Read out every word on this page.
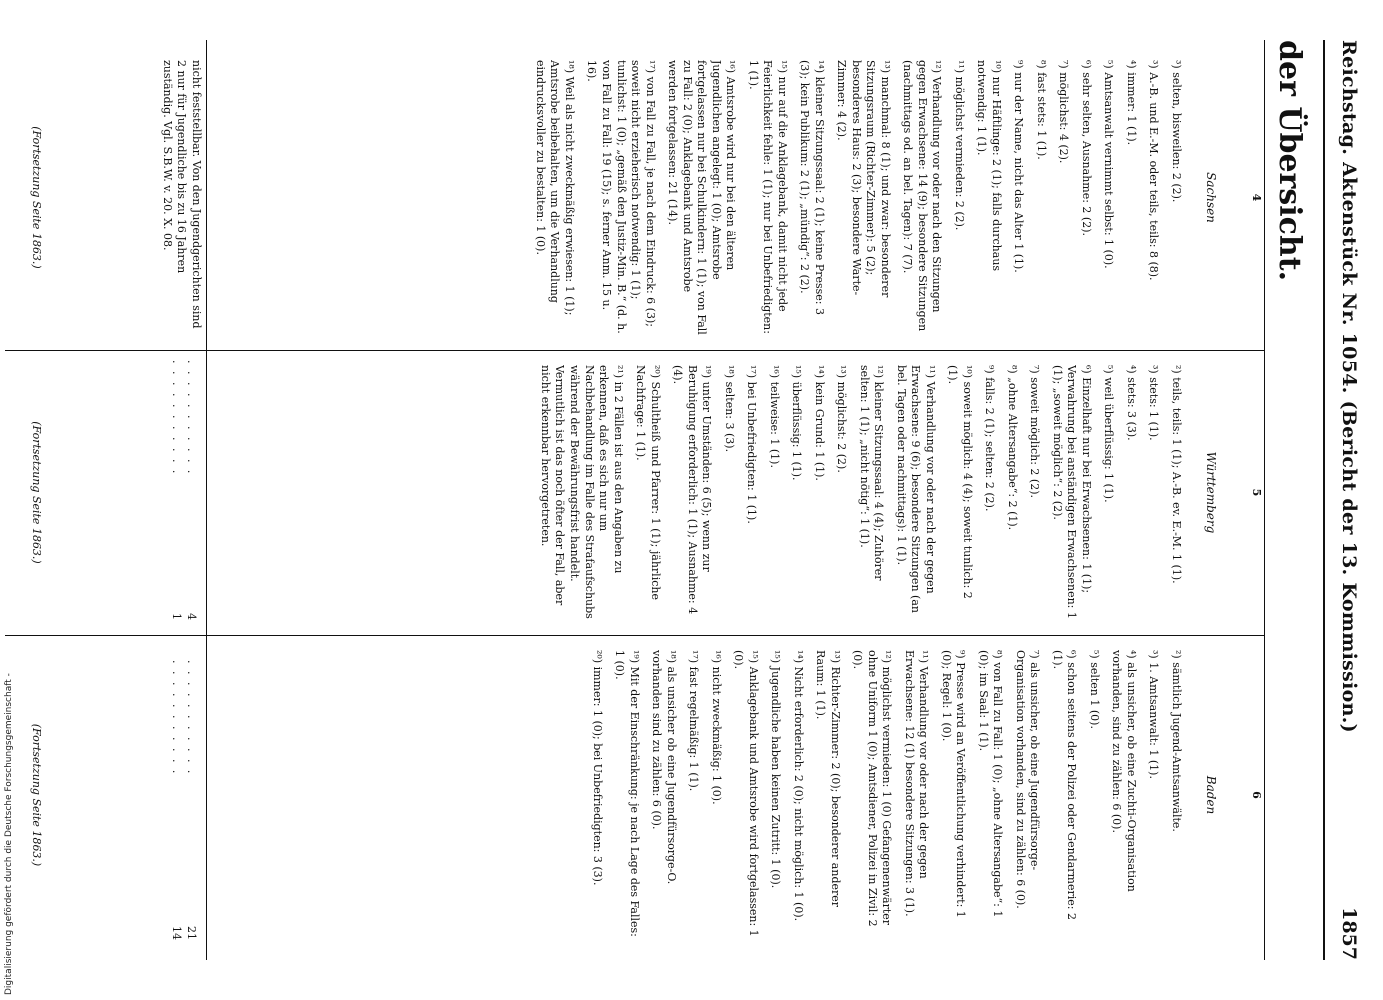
Reichstag. Aktenstück Nr. 1054. (Bericht der 13. Kommission.)
1857
der Übersicht.
4
Sachsen
nicht feststellbar. Von den Jugendgerichten sind 2 nur für Jugendliche bis zu 16 Jahren zuständig. Vgl. S.B.W. v. 20. X. 08.
. . . . . . . . . . .
4
. . . . . . . . . . .
1
. . . . . . . . . . .
21
. . . . . . . . . . .
14

³) selten, bisweilen: 2 (2).

³) A.-B. und E.-M. oder teils, teils: 8 (8).

⁴) immer: 1 (1).

⁵) Amtsanwalt vernimmt selbst: 1 (0).

⁶) sehr selten, Ausnahme: 2 (2).

⁷) möglichst: 4 (2).

⁸) fast stets: 1 (1).

⁹) nur der Name, nicht das Alter 1 (1).

¹⁰) nur Häftlinge: 2 (1); falls durchaus notwendig: 1 (1).

¹¹) möglichst vermieden: 2 (2).

¹²) Verhandlung vor oder nach den Sitzungen gegen Erwachsene: 14 (9); besondere Sitzungen (nachmittags od. an bel. Tagen): 7 (7).

¹³) manchmal: 8 (1); und zwar: besonderer Sitzungsraum (Richter-Zimmer): 5 (2); besonderes Haus: 2 (3); besondere Warte-Zimmer: 4 (2).

¹⁴) kleiner Sitzungssaal: 2 (1); keine Presse: 3 (3); kein Publikum: 2 (1); „mündig“: 2 (2).

¹⁵) nur auf die Anklagebank, damit nicht jede Feierlichkeit fehle: 1 (1); nur bei Unbefriedigten: 1 (1).

¹⁶) Amtsrobe wird nur bei den älteren Jugendlichen angelegt: 1 (0); Amtsrobe fortgelassen nur bei Schulkindern: 1 (1); von Fall zu Fall: 2 (0); Anklagebank und Amtsrobe werden fortgelassen: 21 (14).

¹⁷) von Fall zu Fall, je nach dem Eindruck: 6 (3); soweit nicht erzieherisch notwendig: 1 (1); tunlichst: 1 (0); „gemäß den Justiz-Min. B.“ (d. h. von Fall zu Fall: 19 (15); s. ferner Anm. 15 u. 16).

¹⁸) Weil als nicht zweckmäßig erwiesen: 1 (1); Amtsrobe beibehalten, um die Verhandlung eindrucksvoller zu bestalten: 1 (0).

5
Württemberg

²) teils, teils: 1 (1); A.-B. ev. E.-M. 1 (1).

³) stets: 1 (1).

⁴) stets: 3 (3).

⁵) weil überflüssig: 1 (1).

⁶) Einzelhaft nur bei Erwachsenen: 1 (1); Verwahrung bei anständigen Erwachsenen: 1 (1); „soweit möglich“: 2 (2).

⁷) soweit möglich: 2 (2).

⁸) „ohne Altersangabe“: 2 (1).

⁹) falls: 2 (1); selten: 2 (2).

¹⁰) soweit möglich: 4 (4); soweit tunlich: 2 (1).

¹¹) Verhandlung vor oder nach der gegen Erwachsene: 9 (6); besondere Sitzungen (an bel. Tagen oder nachmittags): 1 (1).

¹²) kleiner Sitzungssaal: 4 (4); Zuhörer selten: 1 (1); „nicht nötig“: 1 (1).

¹³) möglichst: 2 (2).

¹⁴) kein Grund: 1 (1).

¹⁵) überflüssig: 1 (1).

¹⁶) teilweise: 1 (1).

¹⁷) bei Unbefriedigten: 1 (1).

¹⁸) selten: 3 (3).

¹⁹) unter Umständen: 6 (5); wenn zur Beruhigung erforderlich: 1 (1); Ausnahme: 4 (4).

²⁰) Schultheiß und Pfarrer: 1 (1); jährliche Nachfrage: 1 (1).

²¹) in 2 Fällen ist aus den Angaben zu erkennen, daß es sich nur um Nachbehandlung im Falle des Strafaufschubs während der Bewährungsfrist handelt. Vermutlich ist das noch öfter der Fall, aber nicht erkennbar hervorgetreten.

6
Baden

²) sämtlich Jugend-Amtsanwälte.

³) 1. Amtsanwalt: 1 (1).

⁴) als unsicher, ob eine Zuchti-Organisation vorhanden, sind zu zählen: 6 (0).

⁵) selten 1 (0).

⁶) schon seitens der Polizei oder Gendarmerie: 2 (1).

⁷) als unsicher, ob eine Jugendfürsorge-Organisation vorhanden, sind zu zählen: 6 (0).

⁸) von Fall zu Fall: 1 (0); „ohne Altersangabe“: 1 (0); im Saal: 1 (1).

⁹) Presse wird an Veröffentlichung verhindert: 1 (0); Regel: 1 (0).

¹¹) Verhandlung vor oder nach der gegen Erwachsene: 12 (1) besondere Sitzungen: 3 (1).

¹²) möglichst vermieden: 1 (0) Gefangenenwärter ohne Uniform 1 (0); Amtsdiener, Polizei in Zivil: 2 (0).

¹³) Richter-Zimmer: 2 (0); besonderer anderer Raum: 1 (1).

¹⁴) Nicht erforderlich: 2 (0); nicht möglich: 1 (0).

¹⁵) Jugendliche haben keinen Zutritt: 1 (0).

¹⁵) Anklagebank und Amtsrobe wird fortgelassen: 1 (0).

¹⁶) nicht zweckmäßig: 1 (0).

¹⁷) fast regelmäßig: 1 (1).

¹⁸) als unsicher ob eine Jugendfürsorge-O. vorhanden sind zu zählen: 6 (0).

¹⁹) Mit der Einschränkung: je nach Lage des Falles: 1 (0).

²⁰) immer: 1 (0); bei Unbefriedigten: 3 (3).

(Fortsetzung Seite 1863.)
(Fortsetzung Seite 1863.)
(Fortsetzung Seite 1863.)
Digitalisierung gefördert durch die Deutsche Forschungsgemeinschaft -
